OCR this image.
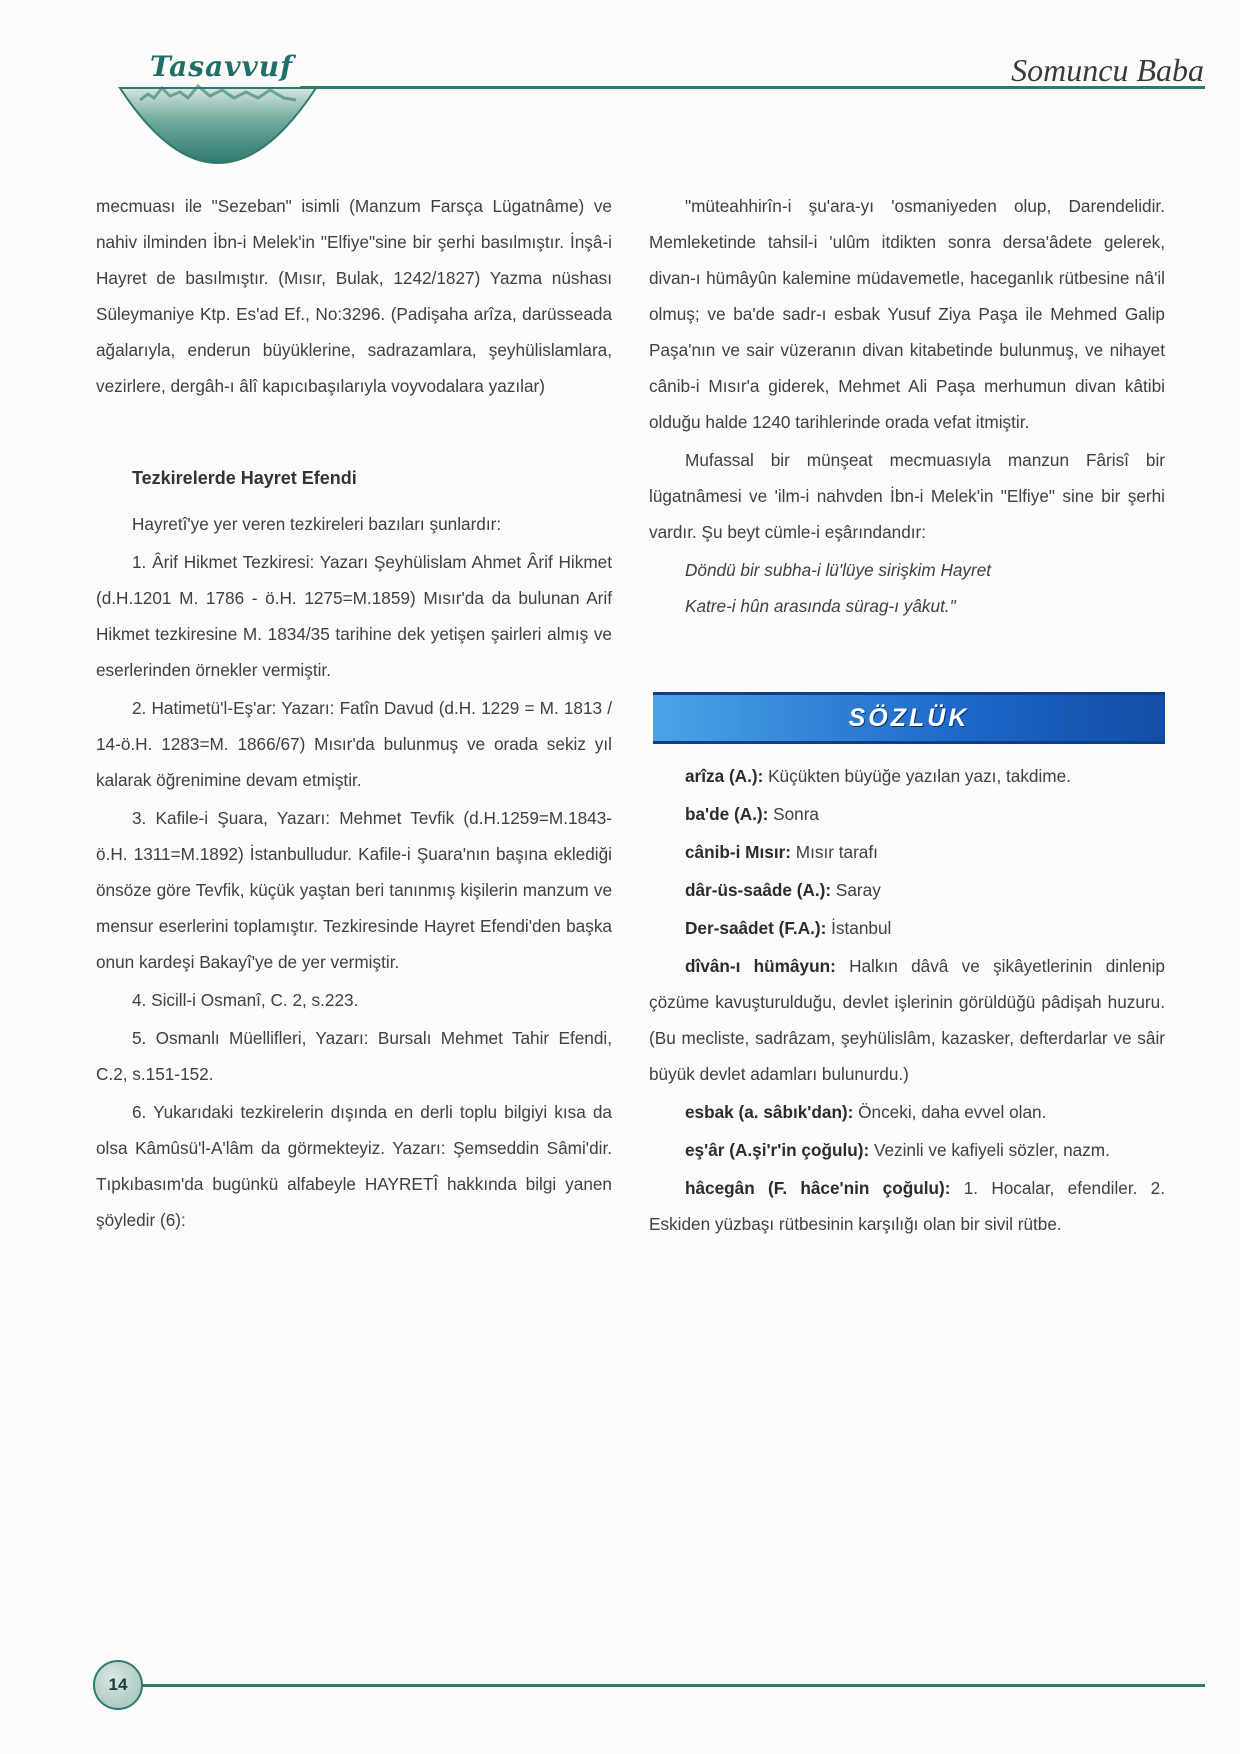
Tasavvuf	Somuncu Baba

mecmuası ile "Sezeban" isimli (Manzum Farsça Lügatnâme) ve nahiv ilminden İbn-i Melek'in "Elfiye"sine bir şerhi basılmıştır. İnşâ-i Hayret de basılmıştır. (Mısır, Bulak, 1242/1827) Yazma nüshası Süleymaniye Ktp. Es'ad Ef., No:3296. (Padişaha arîza, darüsseada ağalarıyla, enderun büyüklerine, sadrazamlara, şeyhülislamlara, vezirlere, dergâh-ı âlî kapıcıbaşılarıyla voyvodalara yazılar)

Tezkirelerde Hayret Efendi

Hayretî'ye yer veren tezkireleri bazıları şunlardır:

1. Ârif Hikmet Tezkiresi: Yazarı Şeyhülislam Ahmet Ârif Hikmet (d.H.1201 M. 1786 - ö.H. 1275=M.1859) Mısır'da da bulunan Arif Hikmet tezkiresine M. 1834/35 tarihine dek yetişen şairleri almış ve eserlerinden örnekler vermiştir.

2. Hatimetü'l-Eş'ar: Yazarı: Fatîn Davud (d.H. 1229 = M. 1813 / 14-ö.H. 1283=M. 1866/67) Mısır'da bulunmuş ve orada sekiz yıl kalarak öğrenimine devam etmiştir.

3. Kafile-i Şuara, Yazarı: Mehmet Tevfik (d.H.1259=M.1843-ö.H. 1311=M.1892) İstanbulludur. Kafile-i Şuara'nın başına eklediği önsöze göre Tevfik, küçük yaştan beri tanınmış kişilerin manzum ve mensur eserlerini toplamıştır. Tezkiresinde Hayret Efendi'den başka onun kardeşi Bakayî'ye de yer vermiştir.

4. Sicill-i Osmanî, C. 2, s.223.

5. Osmanlı Müellifleri, Yazarı: Bursalı Mehmet Tahir Efendi, C.2, s.151-152.

6. Yukarıdaki tezkirelerin dışında en derli toplu bilgiyi kısa da olsa Kâmûsü'l-A'lâm da görmekteyiz. Yazarı: Şemseddin Sâmi'dir. Tıpkıbasım'da bugünkü alfabeyle HAYRETÎ hakkında bilgi yanen şöyledir (6):

"müteahhirîn-i şu'ara-yı 'osmaniyeden olup, Darendelidir. Memleketinde tahsil-i 'ulûm itdikten sonra dersa'âdete gelerek, divan-ı hümâyûn kalemine müdavemetle, haceganlık rütbesine nâ'il olmuş; ve ba'de sadr-ı esbak Yusuf Ziya Paşa ile Mehmed Galip Paşa'nın ve sair vüzeranın divan kitabetinde bulunmuş, ve nihayet cânib-i Mısır'a giderek, Mehmet Ali Paşa merhumun divan kâtibi olduğu halde 1240 tarihlerinde orada vefat itmiştir.

Mufassal bir münşeat mecmuasıyla manzun Fârisî bir lügatnâmesi ve 'ilm-i nahvden İbn-i Melek'in "Elfiye" sine bir şerhi vardır. Şu beyt cümle-i eşârındandır:

Döndü bir subha-i lü'lüye sirişkim Hayret
Katre-i hûn arasında sürag-ı yâkut."

SÖZLÜK

arîza (A.): Küçükten büyüğe yazılan yazı, takdime.

ba'de (A.): Sonra

cânib-i Mısır: Mısır tarafı

dâr-üs-saâde (A.): Saray

Der-saâdet (F.A.): İstanbul

dîvân-ı hümâyun: Halkın dâvâ ve şikâyetlerinin dinlenip çözüme kavuşturulduğu, devlet işlerinin görüldüğü pâdişah huzuru. (Bu mecliste, sadrâzam, şeyhülislâm, kazasker, defterdarlar ve sâir büyük devlet adamları bulunurdu.)

esbak (a. sâbık'dan): Önceki, daha evvel olan.

eş'âr (A.şi'r'in çoğulu): Vezinli ve kafiyeli sözler, nazm.

hâcegân (F. hâce'nin çoğulu): 1. Hocalar, efendiler. 2. Eskiden yüzbaşı rütbesinin karşılığı olan bir sivil rütbe.

14
